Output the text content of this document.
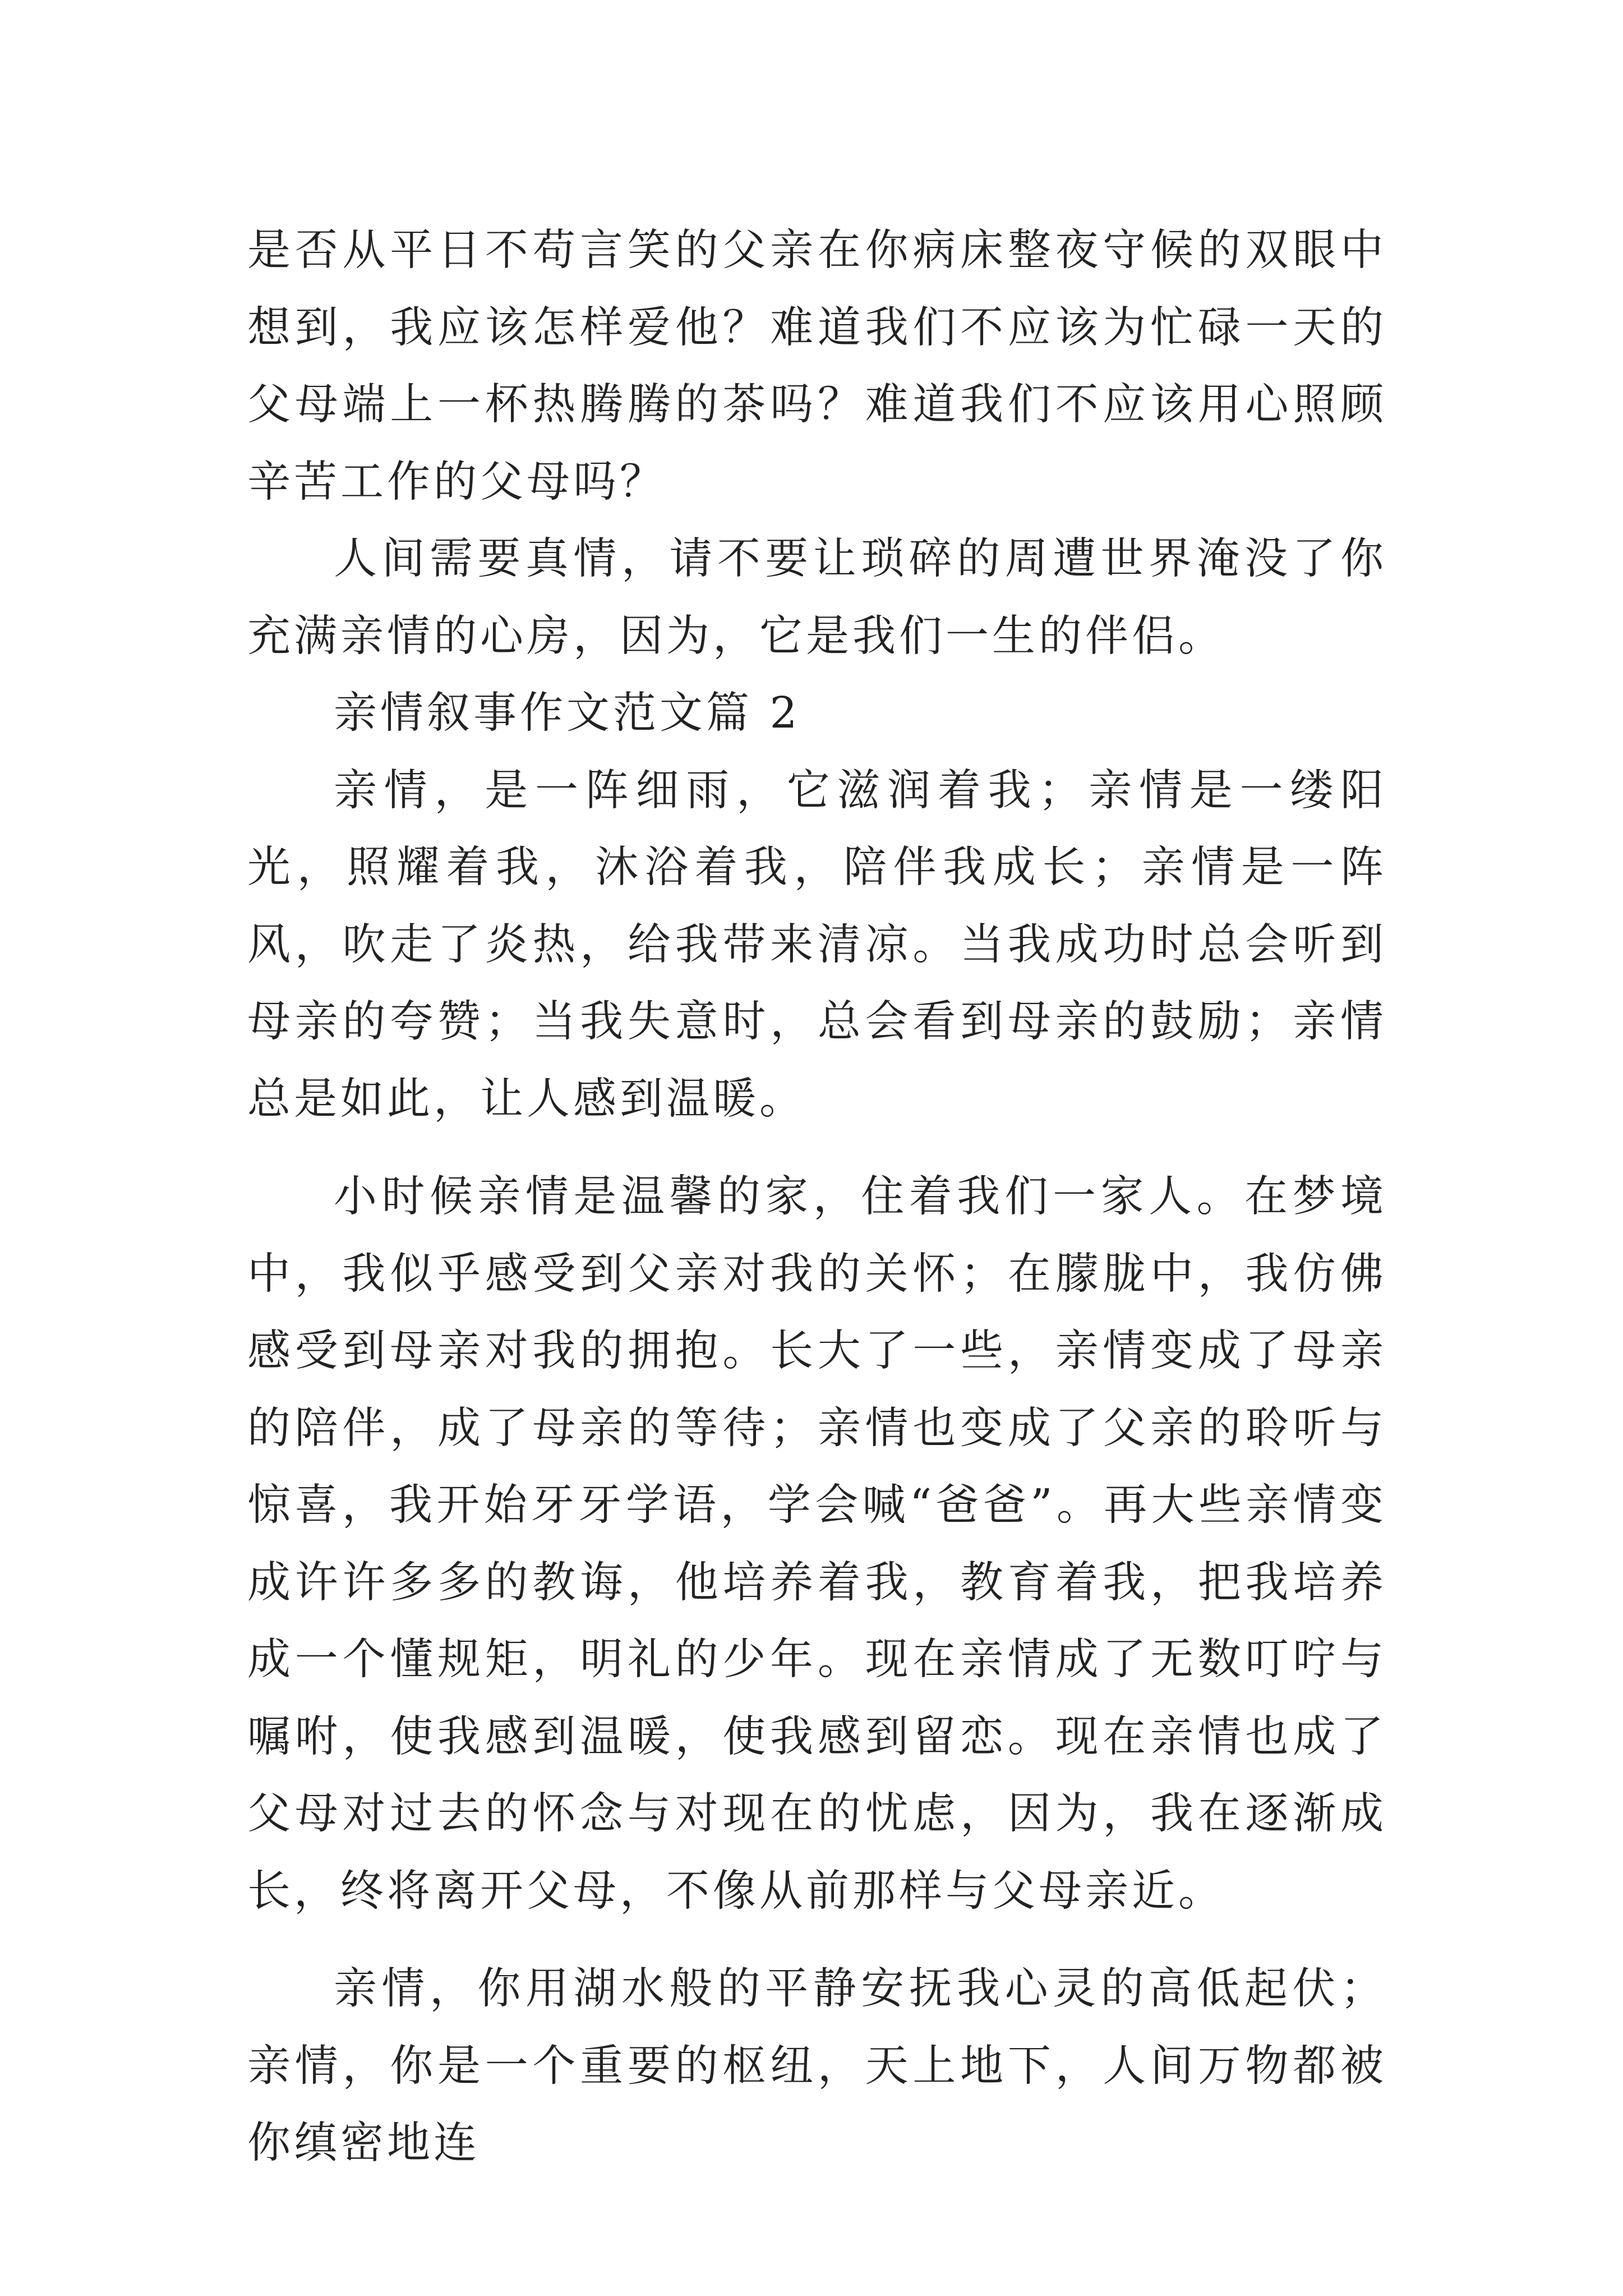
是否从平日不苟言笑的父亲在你病床整夜守候的双眼中想到，我应该怎样爱他？难道我们不应该为忙碌一天的父母端上一杯热腾腾的茶吗？难道我们不应该用心照顾辛苦工作的父母吗？

人间需要真情，请不要让琐碎的周遭世界淹没了你充满亲情的心房，因为，它是我们一生的伴侣。

亲情叙事作文范文篇 2

亲情，是一阵细雨，它滋润着我；亲情是一缕阳光，照耀着我，沐浴着我，陪伴我成长；亲情是一阵风，吹走了炎热，给我带来清凉。当我成功时总会听到母亲的夸赞；当我失意时，总会看到母亲的鼓励；亲情总是如此，让人感到温暖。

小时候亲情是温馨的家，住着我们一家人。在梦境中，我似乎感受到父亲对我的关怀；在朦胧中，我仿佛感受到母亲对我的拥抱。长大了一些，亲情变成了母亲的陪伴，成了母亲的等待；亲情也变成了父亲的聆听与惊喜，我开始牙牙学语，学会喊“爸爸”。再大些亲情变成许许多多的教诲，他培养着我，教育着我，把我培养成一个懂规矩，明礼的少年。现在亲情成了无数叮咛与嘱咐，使我感到温暖，使我感到留恋。现在亲情也成了父母对过去的怀念与对现在的忧虑，因为，我在逐渐成长，终将离开父母，不像从前那样与父母亲近。

亲情，你用湖水般的平静安抚我心灵的高低起伏；亲情，你是一个重要的枢纽，天上地下，人间万物都被你缜密地连
